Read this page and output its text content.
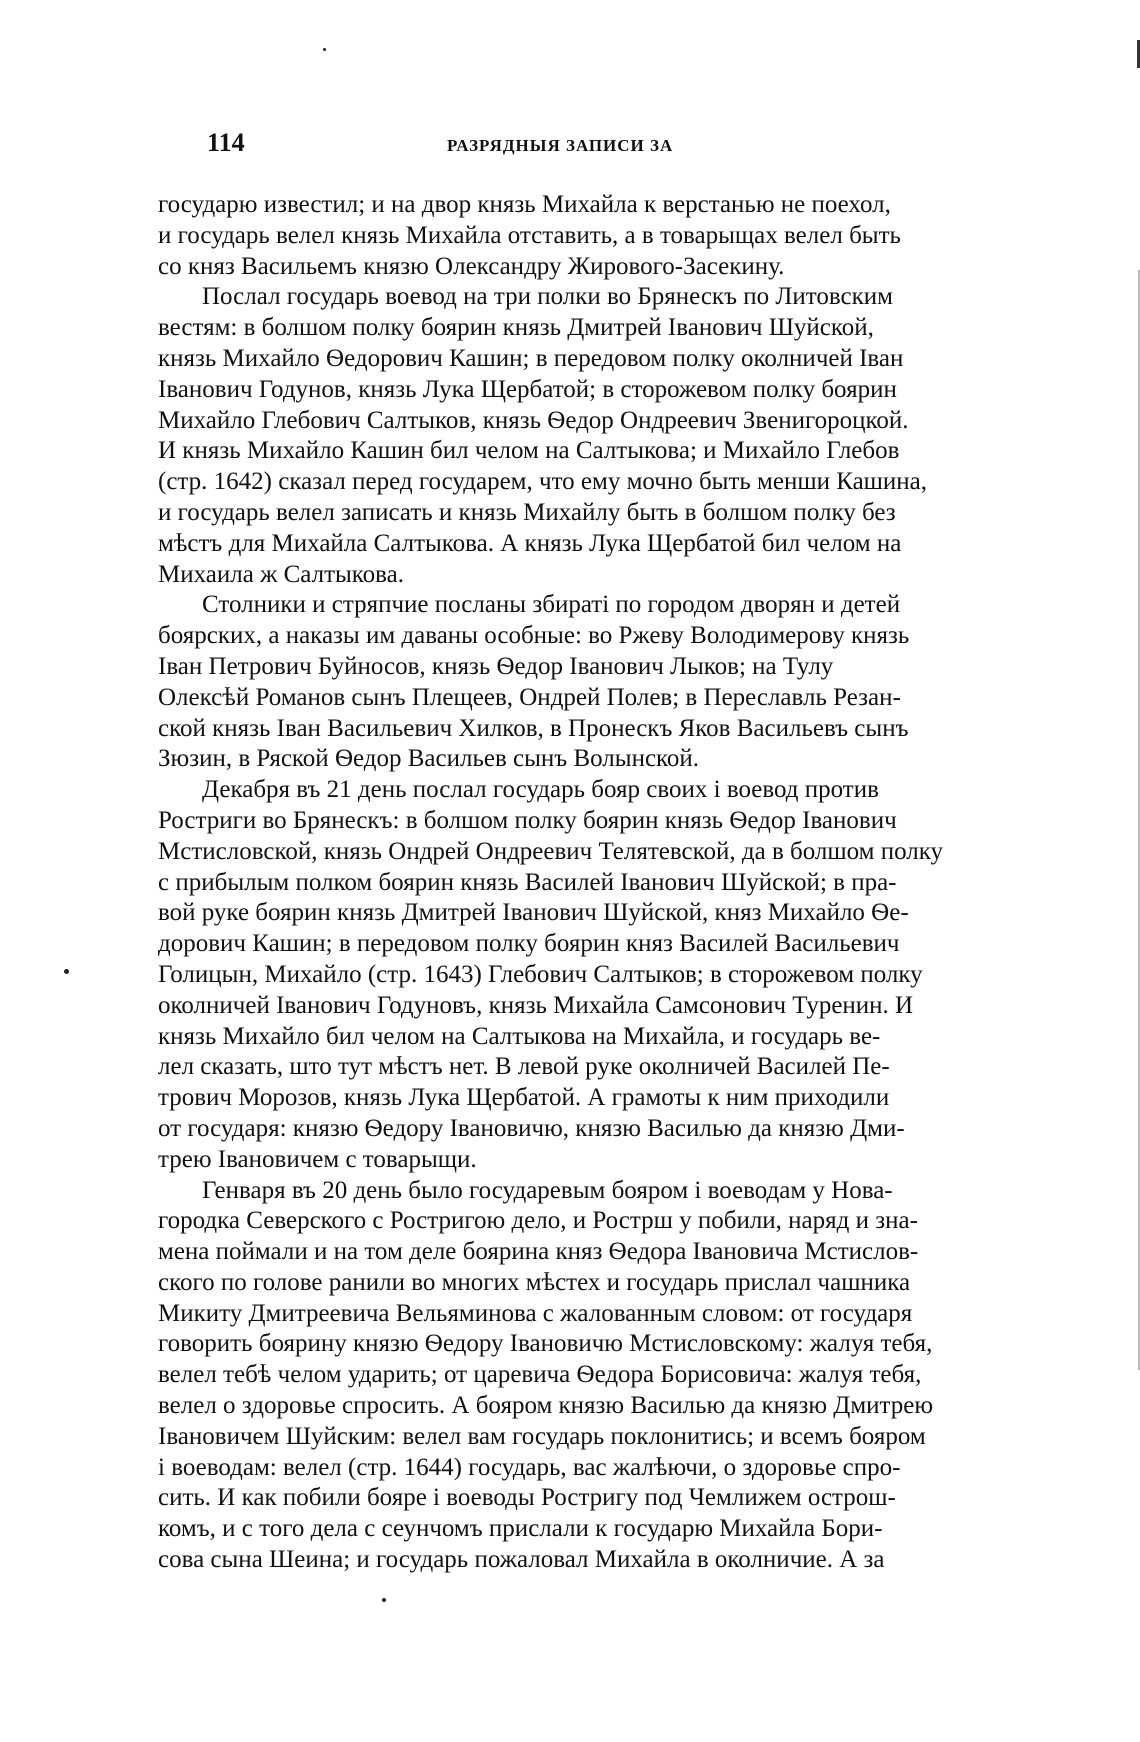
114	РАЗРЯДНЫЯ ЗАПИСИ ЗА

государю известил; и на двор князь Михайла к верстанью не поехол,
и государь велел князь Михайла отставить, а в товарыщах велел быть
со княз Васильемъ князю Олександру Жирового-Засекину.

Послал государь воевод на три полки во Брянескъ по Литовским
вестям: в болшом полку боярин князь Дмитрей Іванович Шуйской,
князь Михайло Ѳедорович Кашин; в передовом полку околничей Іван
Іванович Годунов, князь Лука Щербатой; в сторожевом полку боярин
Михайло Глебович Салтыков, князь Ѳедор Ондреевич Звенигороцкой.
И князь Михайло Кашин бил челом на Салтыкова; и Михайло Глебов
(стр. 1642) сказал перед государем, что ему мочно быть менши Кашина,
и государь велел записать и князь Михайлу быть в болшом полку без
мѣстъ для Михайла Салтыкова. А князь Лука Щербатой бил челом на
Михаила ж Салтыкова.

Столники и стряпчие посланы збираті по городом дворян и детей
боярских, а наказы им даваны особные: во Ржеву Володимерову князь
Іван Петрович Буйносов, князь Ѳедор Іванович Лыков; на Тулу
Олексѣй Романов сынъ Плещеев, Ондрей Полев; в Переславль Резан-
ской князь Іван Васильевич Хилков, в Пронескъ Яков Васильевъ сынъ
Зюзин, в Ряской Ѳедор Васильев сынъ Волынской.

Декабря въ 21 день послал государь бояр своих і воевод против
Ростриги во Брянескъ: в болшом полку боярин князь Ѳедор Іванович
Мстисловской, князь Ондрей Ондреевич Телятевской, да в болшом полку
с прибылым полком боярин князь Василей Іванович Шуйской; в пра-
вой руке боярин князь Дмитрей Іванович Шуйской, княз Михайло Ѳе-
дорович Кашин; в передовом полку боярин княз Василей Васильевич
Голицын, Михайло (стр. 1643) Глебович Салтыков; в сторожевом полку
околничей Іванович Годуновъ, князь Михайла Самсонович Туренин. И
князь Михайло бил челом на Салтыкова на Михайла, и государь ве-
лел сказать, што тут мѣстъ нет. В левой руке околничей Василей Пе-
трович Морозов, князь Лука Щербатой. А грамоты к ним приходили
от государя: князю Ѳедору Івановичю, князю Василью да князю Дми-
трею Івановичем с товарыщи.

Генваря въ 20 день было государевым бояром і воеводам у Нова-
городка Северского с Ростригою дело, и Рострш у побили, наряд и зна-
мена поймали и на том деле боярина княз Ѳедора Івановича Мстислов-
ского по голове ранили во многих мѣстех и государь прислал чашника
Микиту Дмитреевича Вельяминова с жалованным словом: от государя
говорить боярину князю Ѳедору Івановичю Мстисловскому: жалуя тебя,
велел тебѣ челом ударить; от царевича Ѳедора Борисовича: жалуя тебя,
велел о здоровье спросить. А бояром князю Василью да князю Дмитрею
Івановичем Шуйским: велел вам государь поклонитись; и всемъ бояром
і воеводам: велел (стр. 1644) государь, вас жалѣючи, о здоровье спро-
сить. И как побили бояре і воеводы Ростригу под Чемлижем острош-
комъ, и с того дела с сеунчомъ прислали к государю Михайла Бори-
сова сына Шеина; и государь пожаловал Михайла в околничие. А за
